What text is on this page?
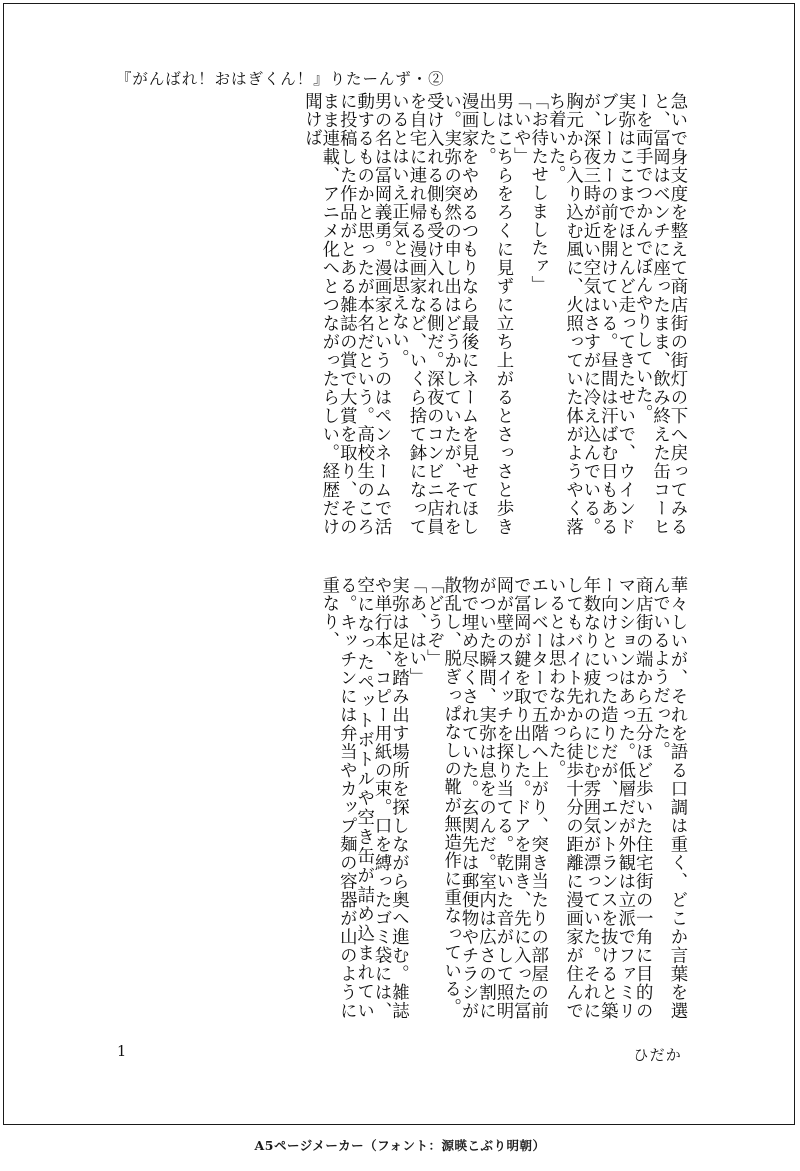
『がんばれ！おはぎくん！』りたーんず・②

急いで身支度を整えて商店街の街灯の下へ戻ってみると、冨岡はベンチに座ったまま、飲み終えた缶コーヒーを両手でつかんでぼんやりしていた。

実弥はここまでほとんど走ってきたせいで、ウインドブレーカーの前を開けている。昼間は汗ばむ日もあるが、深夜三時が近い空気はさすがに冷え込んでいる。胸元から入り込む風に、火照っていた体がようやく落ち着いた。

「お待たせしましたァ」

「いや」

男はこちらをろくに見ずに立ち上がるとさっさと歩き出した。

漫画家をやめるつもりなら最後にネームを見せてほしい。実弥の突然の申し出はどうかしていたが、それを受け入れる側も受け入れる側だ。深夜のコンビニ店員を自宅に連れ帰る漫画家など、いくら捨て鉢になっているとはいえ正気とは思えない。

男の名は冨岡義勇。漫画家というのはペンネームで活動するものかと思ったが本名だという。高校生のころに投稿した作品がとある雑誌の賞で大賞を取り、そのまま連載、アニメ化へとつながったらしい。経歴だけ聞けば

華々しいが、それを語る口調は重く、どこか言葉を選んでいるようだった。

商店街の端から五分ほど歩いた住宅街の一角に目的のマンションはあった。低層だが外観は立派でファミリー向けといった造りだが、エントランスを抜けると築年数なりに疲れのにじむ雰囲気が漂っていた。それにしてもバイト先から徒歩十分の距離に漫画家が住んでいるとは思わなかった。

エレベーターで五階へ上がり、突き当たりの部屋の前で冨岡が鍵を取り出した。ドアを開き、先に入った冨岡が壁のスイッチを探り当てる。乾いた音がして照明がついた瞬間、実弥は息をのんだ。室内は広さの割に物で埋め尽くされていた。玄関先は郵便物やチラシが散乱し、脱ぎっぱなしの靴が無造作に重なっている。

「どうぞ」

「あ、はい」

実弥は足を踏み出す場所を探しながら奥へ進む。雑誌や単行本、コピー用紙の束。口を縛ったゴミ袋には、空になったペットボトルや空き缶が詰め込まれている。キッチンには弁当やカップ麺の容器が山のように重なり、

1	ひだか
A5ページメーカー（フォント：源暎こぶり明朝）
